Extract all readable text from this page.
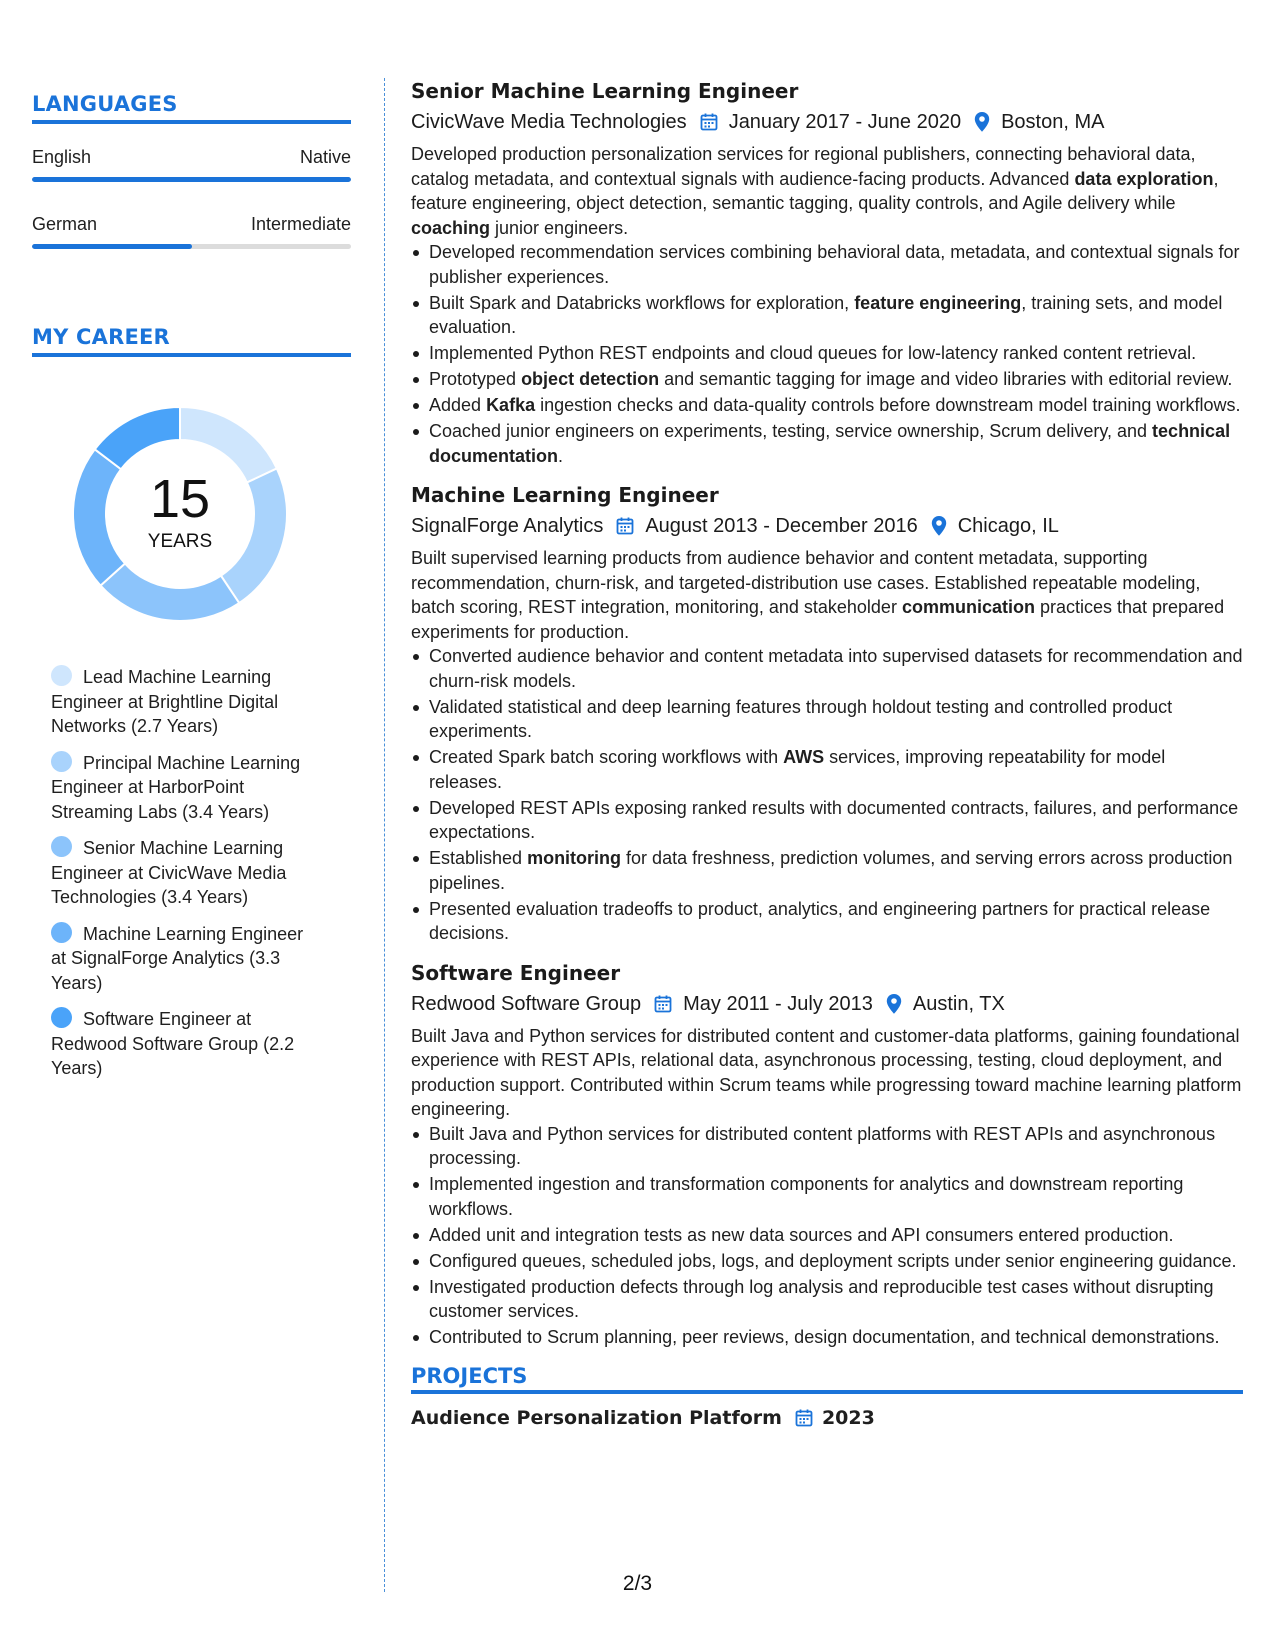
LANGUAGES
English	Native
German	Intermediate
MY CAREER
15
YEARS
Lead Machine Learning Engineer at Brightline Digital Networks (2.7 Years)
Principal Machine Learning Engineer at HarborPoint Streaming Labs (3.4 Years)
Senior Machine Learning Engineer at CivicWave Media Technologies (3.4 Years)
Machine Learning Engineer at SignalForge Analytics (3.3 Years)
Software Engineer at Redwood Software Group (2.2 Years)
Senior Machine Learning Engineer
CivicWave Media Technologies January 2017 - June 2020 Boston, MA
Developed production personalization services for regional publishers, connecting behavioral data, catalog metadata, and contextual signals with audience-facing products. Advanced data exploration, feature engineering, object detection, semantic tagging, quality controls, and Agile delivery while coaching junior engineers.
Developed recommendation services combining behavioral data, metadata, and contextual signals for publisher experiences.
Built Spark and Databricks workflows for exploration, feature engineering, training sets, and model evaluation.
Implemented Python REST endpoints and cloud queues for low-latency ranked content retrieval.
Prototyped object detection and semantic tagging for image and video libraries with editorial review.
Added Kafka ingestion checks and data-quality controls before downstream model training workflows.
Coached junior engineers on experiments, testing, service ownership, Scrum delivery, and technical documentation.
Machine Learning Engineer
SignalForge Analytics August 2013 - December 2016 Chicago, IL
Built supervised learning products from audience behavior and content metadata, supporting recommendation, churn-risk, and targeted-distribution use cases. Established repeatable modeling, batch scoring, REST integration, monitoring, and stakeholder communication practices that prepared experiments for production.
Converted audience behavior and content metadata into supervised datasets for recommendation and churn-risk models.
Validated statistical and deep learning features through holdout testing and controlled product experiments.
Created Spark batch scoring workflows with AWS services, improving repeatability for model releases.
Developed REST APIs exposing ranked results with documented contracts, failures, and performance expectations.
Established monitoring for data freshness, prediction volumes, and serving errors across production pipelines.
Presented evaluation tradeoffs to product, analytics, and engineering partners for practical release decisions.
Software Engineer
Redwood Software Group May 2011 - July 2013 Austin, TX
Built Java and Python services for distributed content and customer-data platforms, gaining foundational experience with REST APIs, relational data, asynchronous processing, testing, cloud deployment, and production support. Contributed within Scrum teams while progressing toward machine learning platform engineering.
Built Java and Python services for distributed content platforms with REST APIs and asynchronous processing.
Implemented ingestion and transformation components for analytics and downstream reporting workflows.
Added unit and integration tests as new data sources and API consumers entered production.
Configured queues, scheduled jobs, logs, and deployment scripts under senior engineering guidance.
Investigated production defects through log analysis and reproducible test cases without disrupting customer services.
Contributed to Scrum planning, peer reviews, design documentation, and technical demonstrations.
PROJECTS
Audience Personalization Platform 2023
2/3
